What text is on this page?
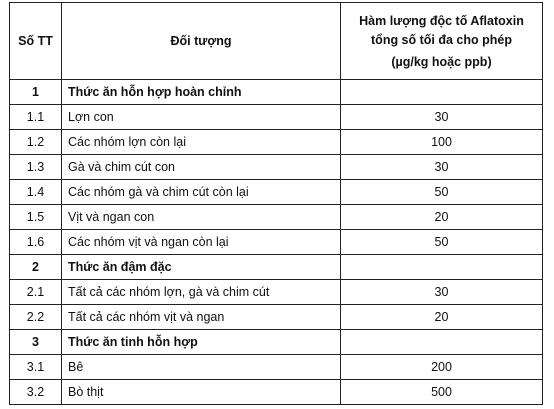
Số TT	Đối tượng	Hàm lượng độc tố Aflatoxin
tổng số tối đa cho phép
(µg/kg hoặc ppb)

1	Thức ăn hỗn hợp hoàn chỉnh	
1.1	Lợn con	30
1.2	Các nhóm lợn còn lại	100
1.3	Gà và chim cút con	30
1.4	Các nhóm gà và chim cút còn lại	50
1.5	Vịt và ngan con	20
1.6	Các nhóm vịt và ngan còn lại	50
2	Thức ăn đậm đặc	
2.1	Tất cả các nhóm lợn, gà và chim cút	30
2.2	Tất cả các nhóm vịt và ngan	20
3	Thức ăn tinh hỗn hợp	
3.1	Bê	200
3.2	Bò thịt	500
